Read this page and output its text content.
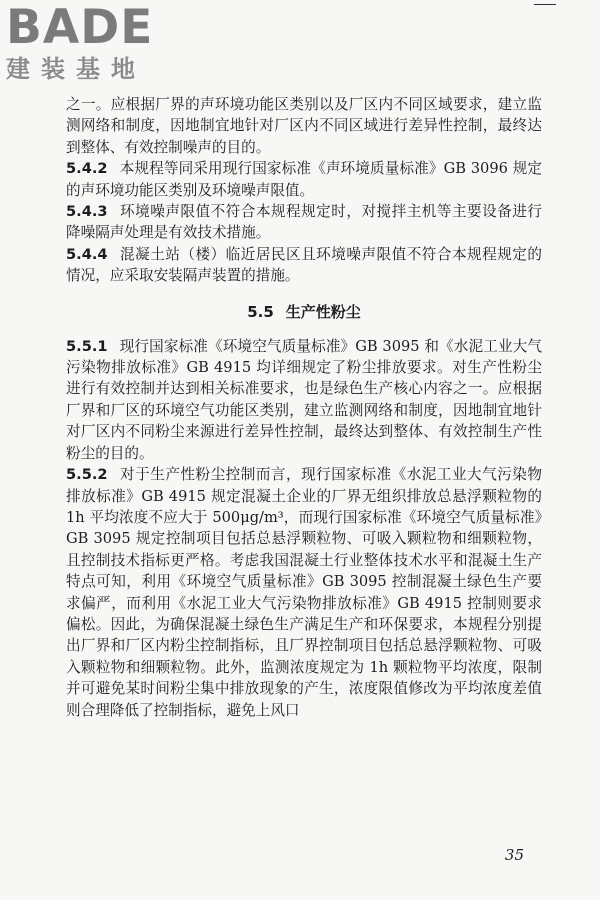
BADE
建装基地

之一。应根据厂界的声环境功能区类别以及厂区内不同区域要求，建立监测网络和制度，因地制宜地针对厂区内不同区域进行差异性控制，最终达到整体、有效控制噪声的目的。

5.4.2 本规程等同采用现行国家标准《声环境质量标准》GB 3096 规定的声环境功能区类别及环境噪声限值。

5.4.3 环境噪声限值不符合本规程规定时，对搅拌主机等主要设备进行降噪隔声处理是有效技术措施。

5.4.4 混凝土站（楼）临近居民区且环境噪声限值不符合本规程规定的情况，应采取安装隔声装置的措施。

5.5 生产性粉尘

5.5.1 现行国家标准《环境空气质量标准》GB 3095 和《水泥工业大气污染物排放标准》GB 4915 均详细规定了粉尘排放要求。对生产性粉尘进行有效控制并达到相关标准要求，也是绿色生产核心内容之一。应根据厂界和厂区的环境空气功能区类别，建立监测网络和制度，因地制宜地针对厂区内不同粉尘来源进行差异性控制，最终达到整体、有效控制生产性粉尘的目的。

5.5.2 对于生产性粉尘控制而言，现行国家标准《水泥工业大气污染物排放标准》GB 4915 规定混凝土企业的厂界无组织排放总悬浮颗粒物的 1h 平均浓度不应大于 500μg/m³，而现行国家标准《环境空气质量标准》GB 3095 规定控制项目包括总悬浮颗粒物、可吸入颗粒物和细颗粒物，且控制技术指标更严格。考虑我国混凝土行业整体技术水平和混凝土生产特点可知，利用《环境空气质量标准》GB 3095 控制混凝土绿色生产要求偏严，而利用《水泥工业大气污染物排放标准》GB 4915 控制则要求偏松。因此，为确保混凝土绿色生产满足生产和环保要求，本规程分别提出厂界和厂区内粉尘控制指标，且厂界控制项目包括总悬浮颗粒物、可吸入颗粒物和细颗粒物。此外，监测浓度规定为 1h 颗粒物平均浓度，限制并可避免某时间粉尘集中排放现象的产生，浓度限值修改为平均浓度差值则合理降低了控制指标，避免上风口

35
